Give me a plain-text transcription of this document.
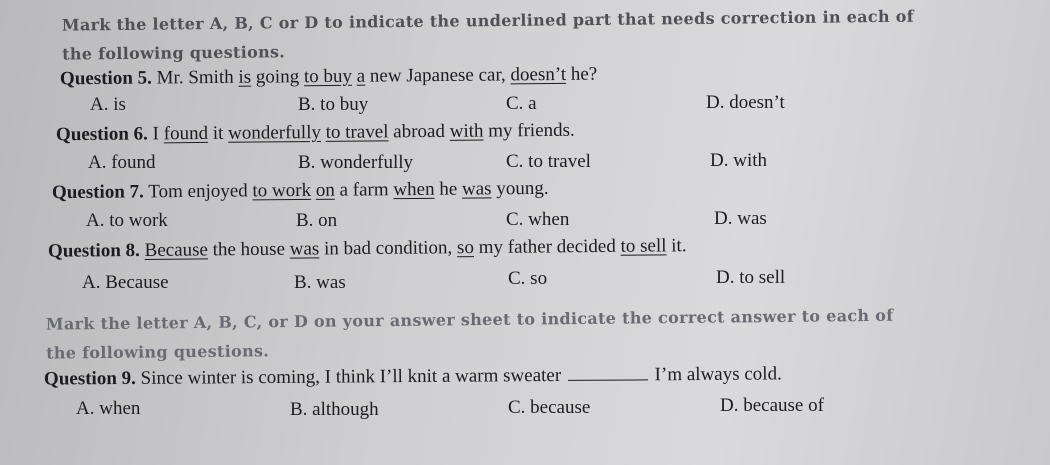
Mark the letter A, B, C or D to indicate the underlined part that needs correction in each of the following questions.
Question 5. Mr. Smith is going to buy a new Japanese car, doesn’t he?
A. is	B. to buy	C. a	D. doesn’t
Question 6. I found it wonderfully to travel abroad with my friends.
A. found	B. wonderfully	C. to travel	D. with
Question 7. Tom enjoyed to work on a farm when he was young.
A. to work	B. on	C. when	D. was
Question 8. Because the house was in bad condition, so my father decided to sell it.
A. Because	B. was	C. so	D. to sell
Mark the letter A, B, C, or D on your answer sheet to indicate the correct answer to each of the following questions.
Question 9. Since winter is coming, I think I’ll knit a warm sweater	I’m always cold.
A. when	B. although	C. because	D. because of
